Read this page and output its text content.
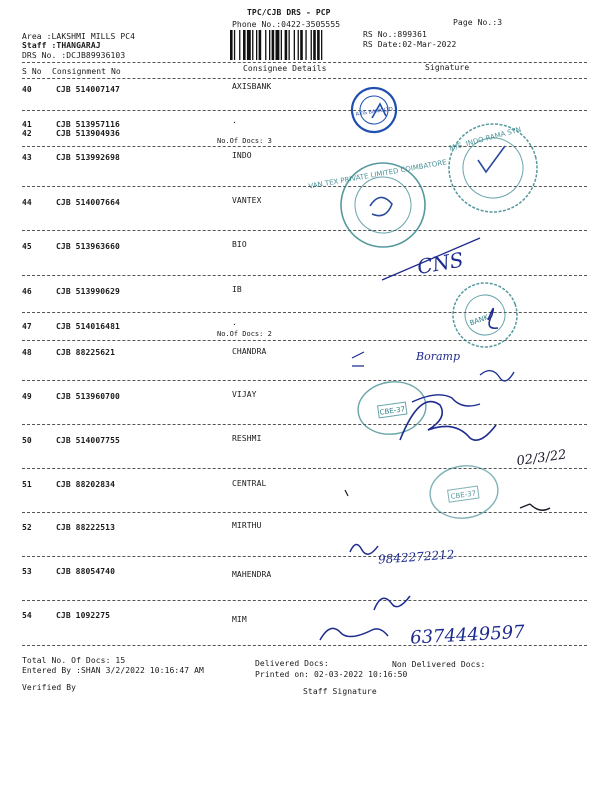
TPC/CJB DRS - PCP
Phone No.:0422-3505555	Page No.:3
Area :LAKSHMI MILLS PC4
Staff :THANGARAJ
DRS No. :DCJB89936103
RS No.:899361
RS Date:02-Mar-2022
S No Consignment No	Consignee Details	Signature
40	CJB 514007147	AXISBANK
41	CJB 513957116	.
42	CJB 513904936
No.Of Docs: 3
43	CJB 513992698	INDO
44	CJB 514007664	VANTEX
45	CJB 513963660	BIO
46	CJB 513990629	IB
47	CJB 514016481	.
No.Of Docs: 2
48	CJB 88225621	CHANDRA
49	CJB 513960700	VIJAY
50	CJB 514007755	RESHMI
51	CJB 88202834	CENTRAL
52	CJB 88222513	MIRTHU
53	CJB 88054740	MAHENDRA
54	CJB 1092275	MIM
Total No. Of Docs: 15
Entered By :SHAN 3/2/2022 10:16:47 AM
Delivered Docs:	Non Delivered Docs:
Printed on: 02-03-2022 10:16:50
Verified By	Staff Signature
AXIS BANK LTD
M/S. INDO RAMA SYN
VAN TEX PRIVATE LIMITED COIMBATORE
CNS
BANK
Boramp
CBE-37
02/3/22
CBE-37
9842272212
6374449597
